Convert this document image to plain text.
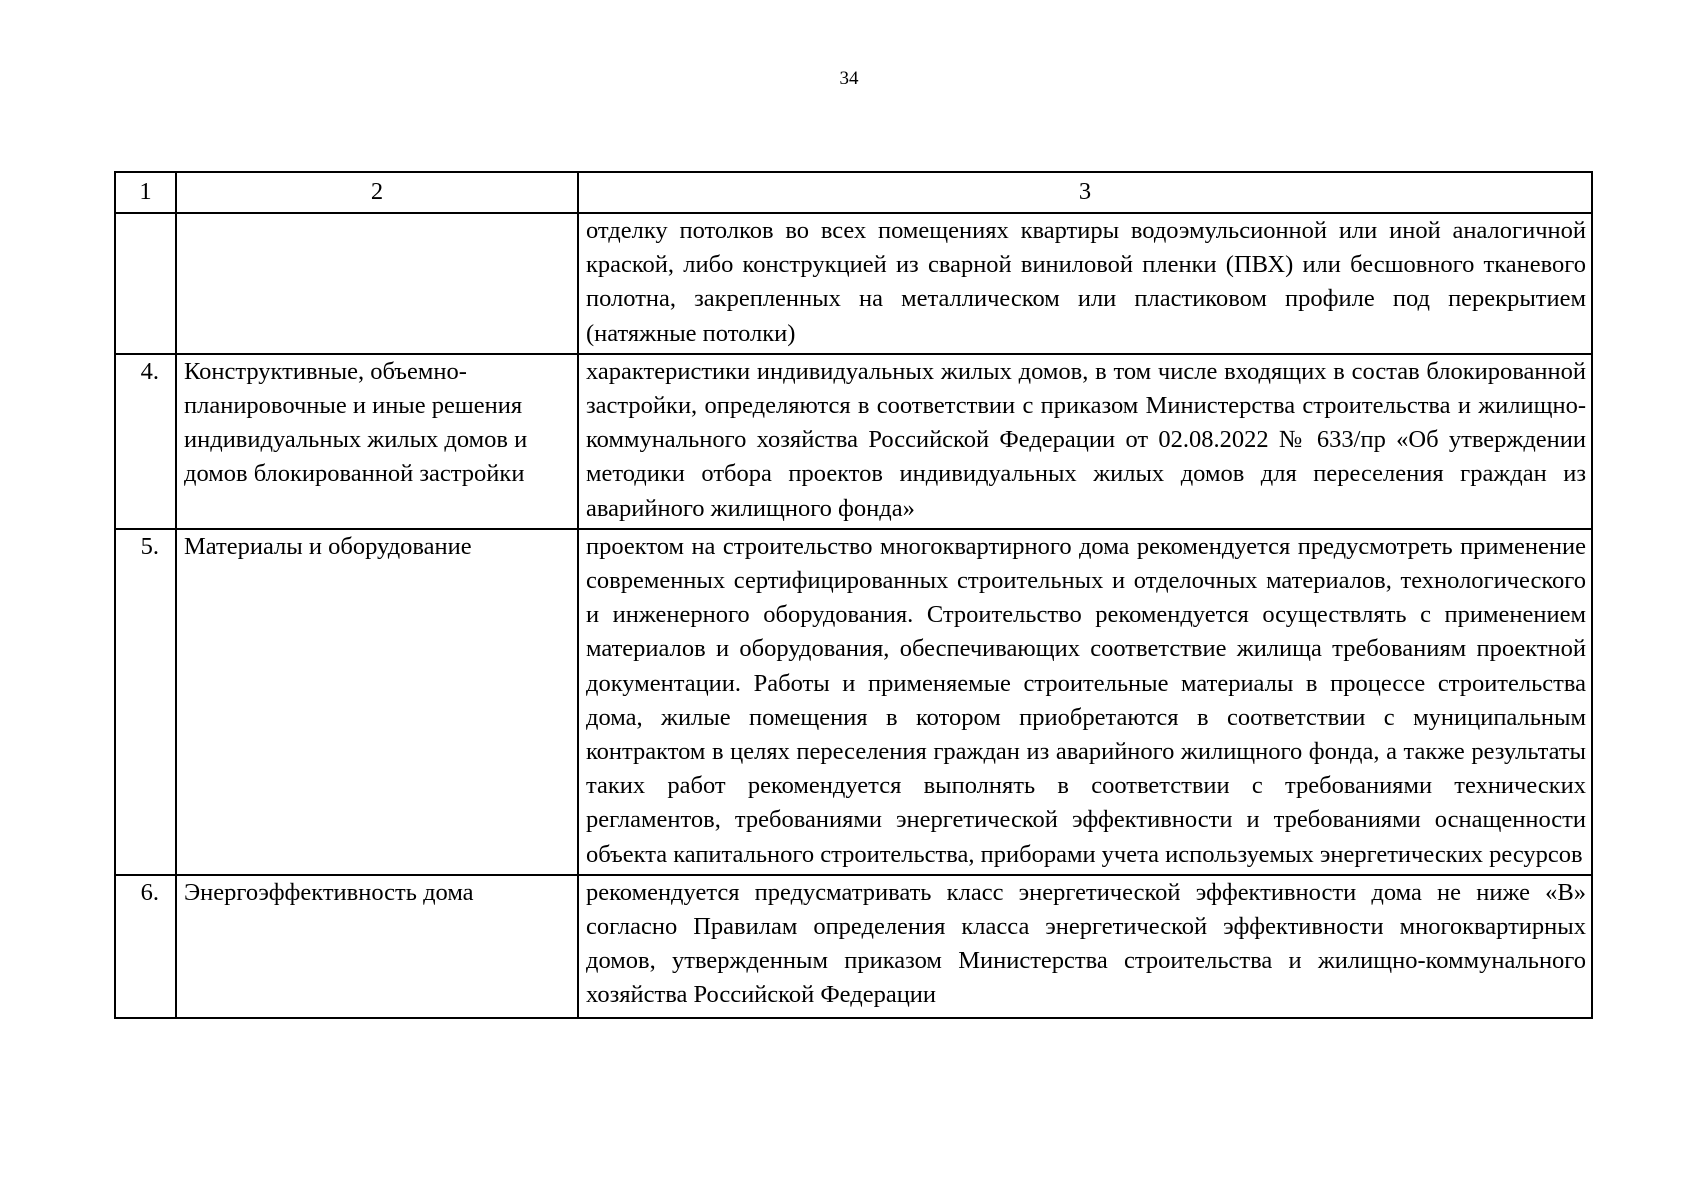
34
1	2	3
		отделку потолков во всех помещениях квартиры водоэмульсионной или иной аналогичной краской, либо конструкцией из сварной виниловой пленки (ПВХ) или бесшовного тканевого полотна, закрепленных на металлическом или пластиковом профиле под перекрытием (натяжные потолки)
4.	Конструктивные, объемно-планировочные и иные решения индивидуальных жилых домов и домов блокированной застройки	характеристики индивидуальных жилых домов, в том числе входящих в состав блокированной застройки, определяются в соответствии с приказом Министерства строительства и жилищно-коммунального хозяйства Российской Федерации от 02.08.2022 № 633/пр «Об утверждении методики отбора проектов индивидуальных жилых домов для переселения граждан из аварийного жилищного фонда»
5.	Материалы и оборудование	проектом на строительство многоквартирного дома рекомендуется предусмотреть применение современных сертифицированных строительных и отделочных материалов, технологического и инженерного оборудования. Строительство рекомендуется осуществлять с применением материалов и оборудования, обеспечивающих соответствие жилища требованиям проектной документации. Работы и применяемые строительные материалы в процессе строительства дома, жилые помещения в котором приобретаются в соответствии с муниципальным контрактом в целях переселения граждан из аварийного жилищного фонда, а также результаты таких работ рекомендуется выполнять в соответствии с требованиями технических регламентов, требованиями энергетической эффективности и требованиями оснащенности объекта капитального строительства, приборами учета используемых энергетических ресурсов
6.	Энергоэффективность дома	рекомендуется предусматривать класс энергетической эффективности дома не ниже «В» согласно Правилам определения класса энергетической эффективности многоквартирных домов, утвержденным приказом Министерства строительства и жилищно-коммунального хозяйства Российской Федерации
